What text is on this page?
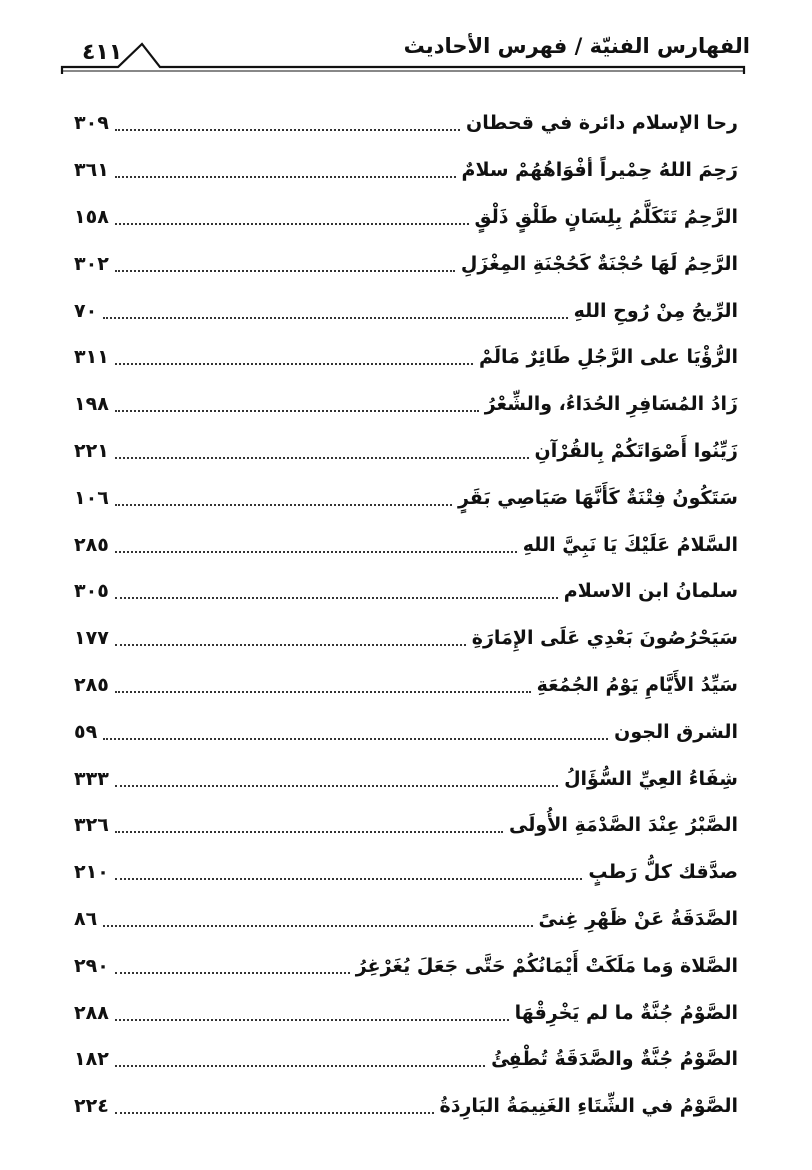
الفهارس الفنيّة / فهرس الأحاديث
٤١١
رحا الإسلام دائرة في قحطان
٣٠٩
رَحِمَ اللهُ حِمْيراً أفْوَاهُهُمْ سلامٌ
٣٦١
الرَّحِمُ تَتَكَلَّمُ بِلِسَانٍ طَلْقٍ ذَلْقٍ
١٥٨
الرَّحِمُ لَهَا حُجْنَةٌ كَحُجْنَةِ المِغْزَلِ
٣٠٢
الرِّيحُ مِنْ رُوحِ اللهِ
٧٠
الرُّؤْيَا على الرَّجُلِ طَائِرٌ مَالَمْ
٣١١
زَادُ المُسَافِرِ الحُدَاءُ، والشِّعْرُ
١٩٨
زَيِّنُوا أَصْوَاتَكُمْ بِالقُرْآنِ
٢٢١
سَتَكُونُ فِتْنَةٌ كَأَنَّهَا صَيَاصِي بَقَرٍ
١٠٦
السَّلامُ عَلَيْكَ يَا نَبِيَّ اللهِ
٢٨٥
سلمانُ ابن الاسلام
٣٠٥
سَيَحْرُصُونَ بَعْدِي عَلَى الإِمَارَةِ
١٧٧
سَيِّدُ الأَيَّامِ يَوْمُ الجُمُعَةِ
٢٨٥
الشرق الجون
٥٩
شِفَاءُ العِيِّ السُّؤَالُ
٣٣٣
الصَّبْرُ عِنْدَ الصَّدْمَةِ الأُولَى
٣٢٦
صدَّقك كلُّ رَطبٍ
٢١٠
الصَّدَقَةُ عَنْ ظَهْرِ غِنىً
٨٦
الصَّلاة وَما مَلَكَتْ أَيْمَانُكُمْ حَتَّى جَعَلَ يُغَرْغِرُ
٢٩٠
الصَّوْمُ جُنَّةٌ ما لم يَخْرِقْهَا
٢٨٨
الصَّوْمُ جُنَّةٌ والصَّدَقَةُ تُطْفِئُ
١٨٢
الصَّوْمُ في الشِّتَاءِ الغَنِيمَةُ البَارِدَةُ
٢٢٤
